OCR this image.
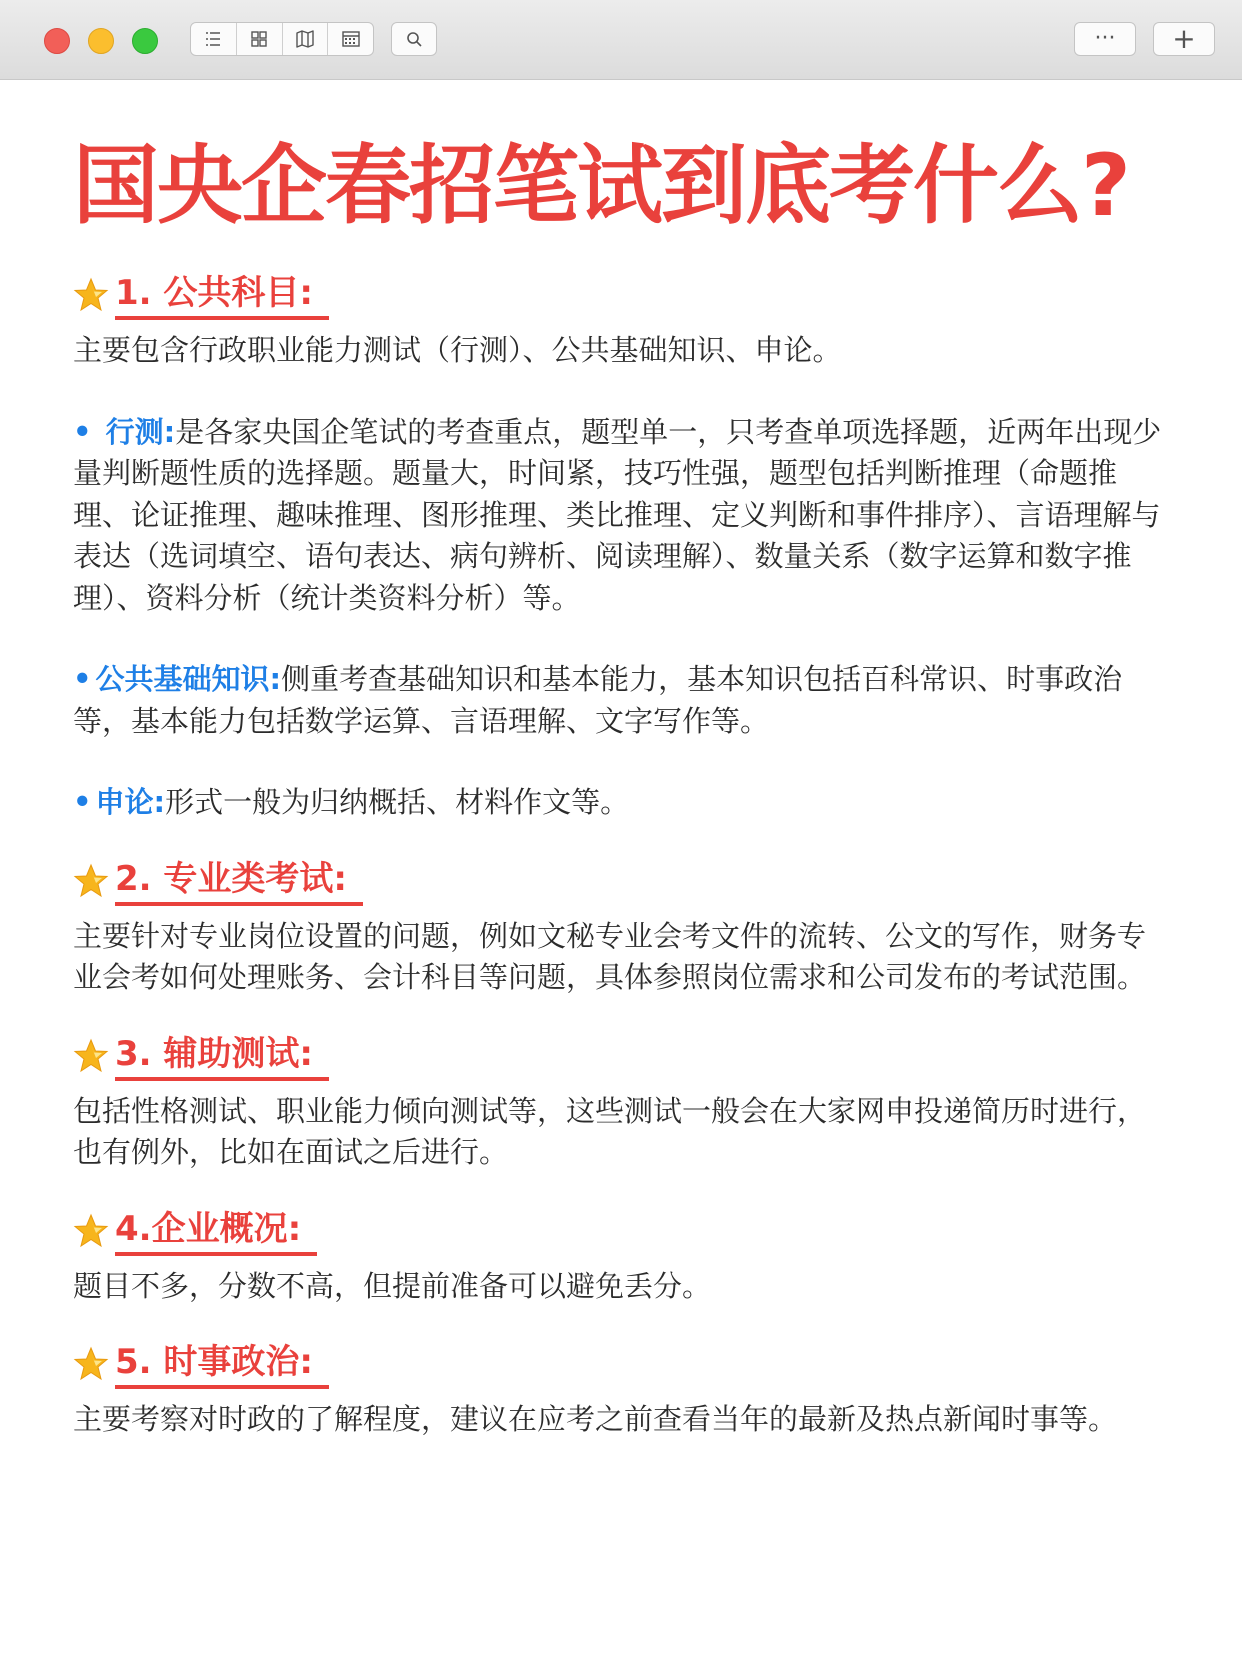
··· +
国央企春招笔试到底考什么?
1. 公共科目:

主要包含行政职业能力测试（行测）、公共基础知识、申论。

• 行测:是各家央国企笔试的考查重点，题型单一，只考查单项选择题，近两年出现少量判断题性质的选择题。题量大，时间紧，技巧性强，题型包括判断推理（命题推理、论证推理、趣味推理、图形推理、类比推理、定义判断和事件排序）、言语理解与表达（选词填空、语句表达、病句辨析、阅读理解）、数量关系（数字运算和数字推理）、资料分析（统计类资料分析）等。

• 公共基础知识:侧重考查基础知识和基本能力，基本知识包括百科常识、时事政治等，基本能力包括数学运算、言语理解、文字写作等。

• 申论:形式一般为归纳概括、材料作文等。

2. 专业类考试:

主要针对专业岗位设置的问题，例如文秘专业会考文件的流转、公文的写作，财务专业会考如何处理账务、会计科目等问题，具体参照岗位需求和公司发布的考试范围。

3. 辅助测试:

包括性格测试、职业能力倾向测试等，这些测试一般会在大家网申投递简历时进行，也有例外，比如在面试之后进行。

4.企业概况:

题目不多，分数不高，但提前准备可以避免丢分。

5. 时事政治:

主要考察对时政的了解程度，建议在应考之前查看当年的最新及热点新闻时事等。
